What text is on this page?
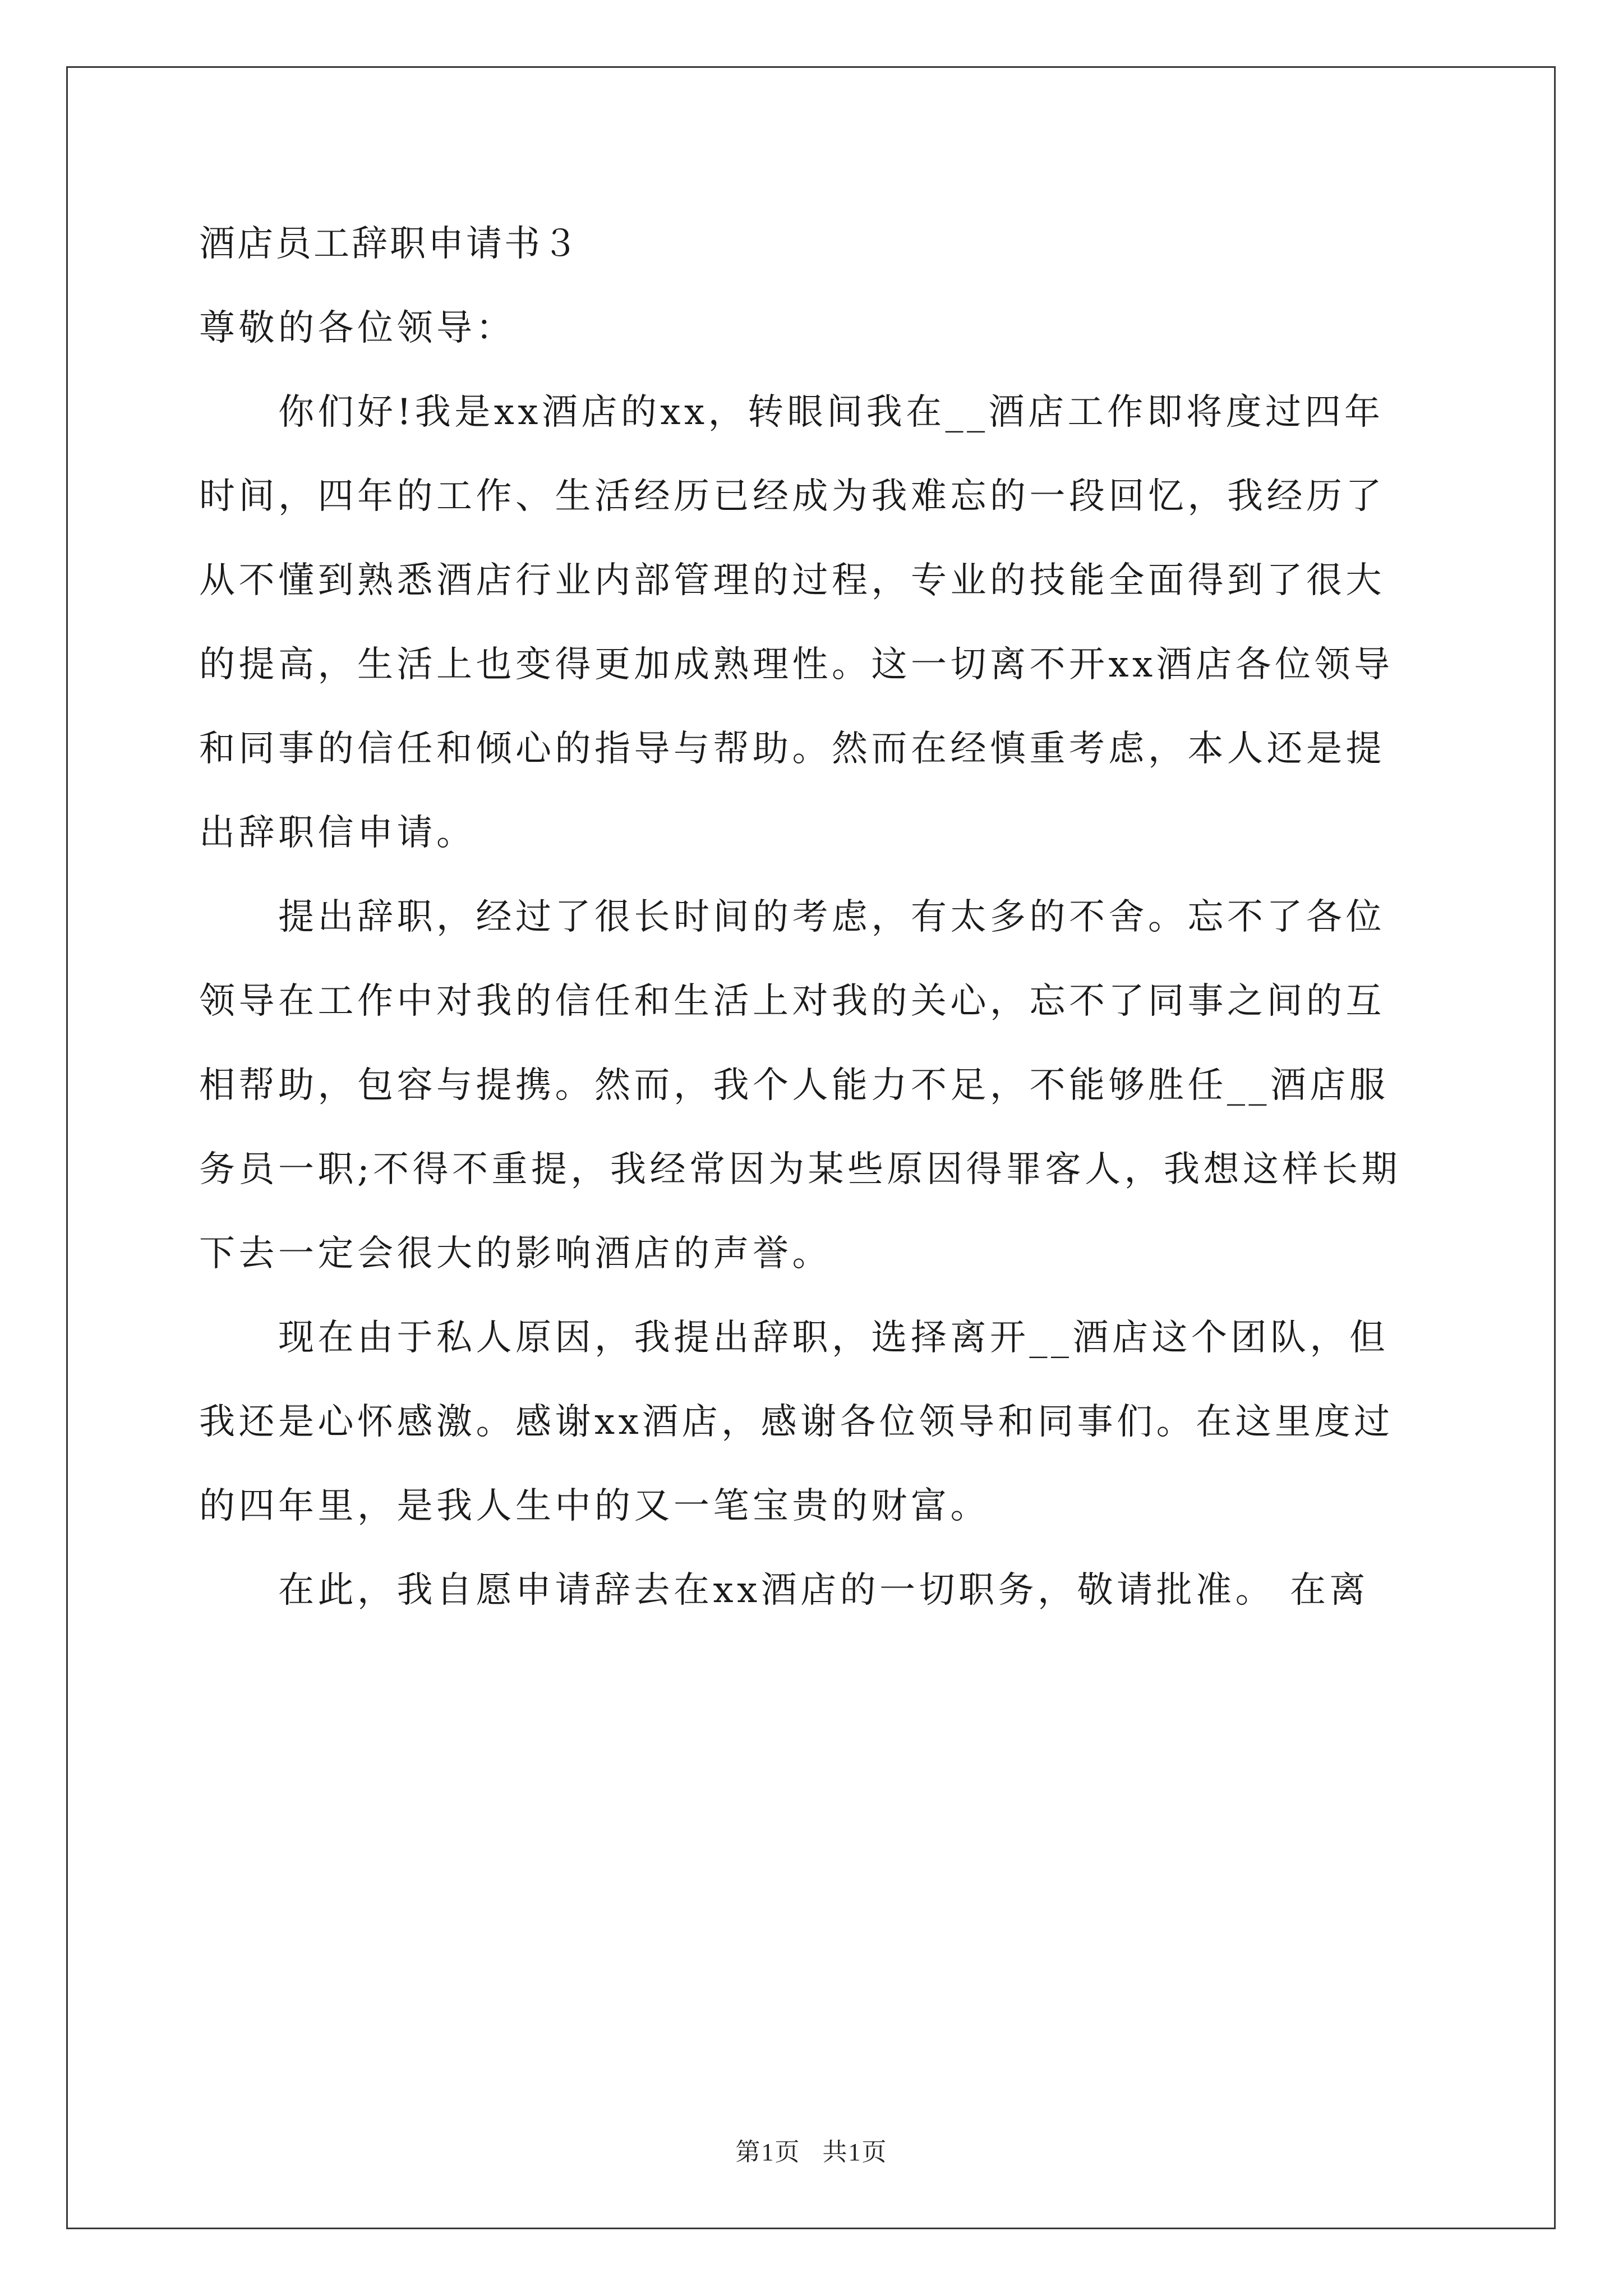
酒店员工辞职申请书３
尊敬的各位领导：
　　你们好!我是xx酒店的xx，转眼间我在__酒店工作即将度过四年
时间，四年的工作、生活经历已经成为我难忘的一段回忆，我经历了
从不懂到熟悉酒店行业内部管理的过程，专业的技能全面得到了很大
的提高，生活上也变得更加成熟理性。这一切离不开xx酒店各位领导
和同事的信任和倾心的指导与帮助。然而在经慎重考虑，本人还是提
出辞职信申请。
　　提出辞职，经过了很长时间的考虑，有太多的不舍。忘不了各位
领导在工作中对我的信任和生活上对我的关心，忘不了同事之间的互
相帮助，包容与提携。然而，我个人能力不足，不能够胜任__酒店服
务员一职;不得不重提，我经常因为某些原因得罪客人，我想这样长期
下去一定会很大的影响酒店的声誉。
　　现在由于私人原因，我提出辞职，选择离开__酒店这个团队，但
我还是心怀感激。感谢xx酒店，感谢各位领导和同事们。在这里度过
的四年里，是我人生中的又一笔宝贵的财富。
　　在此，我自愿申请辞去在xx酒店的一切职务，敬请批准。 在离
第1页   共1页
